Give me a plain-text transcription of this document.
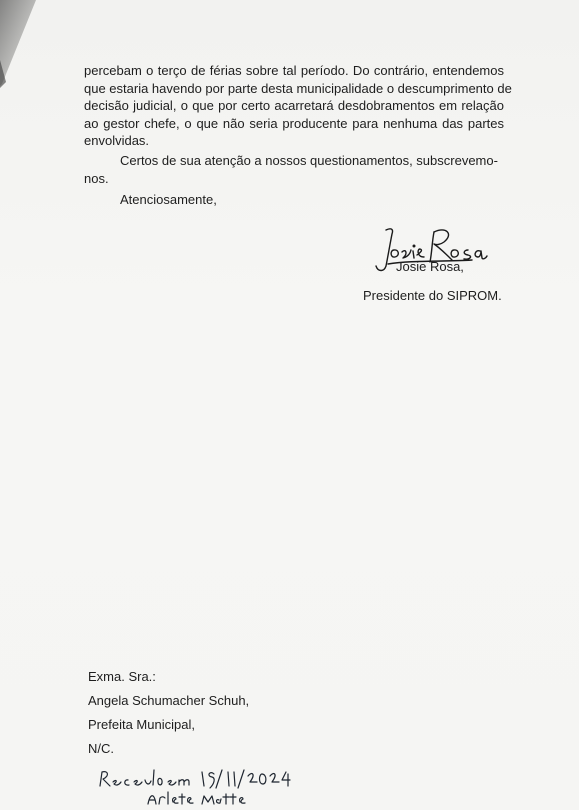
percebam o terço de férias sobre tal período. Do contrário, entendemos
que estaria havendo por parte desta municipalidade o descumprimento de
decisão judicial, o que por certo acarretará desdobramentos em relação
ao gestor chefe, o que não seria producente para nenhuma das partes
envolvidas.
Certos de sua atenção a nossos questionamentos, subscrevemo-
nos.
Atenciosamente,
Josie Rosa,
Presidente do SIPROM.
Exma. Sra.:
Angela Schumacher Schuh,
Prefeita Municipal,
N/C.
